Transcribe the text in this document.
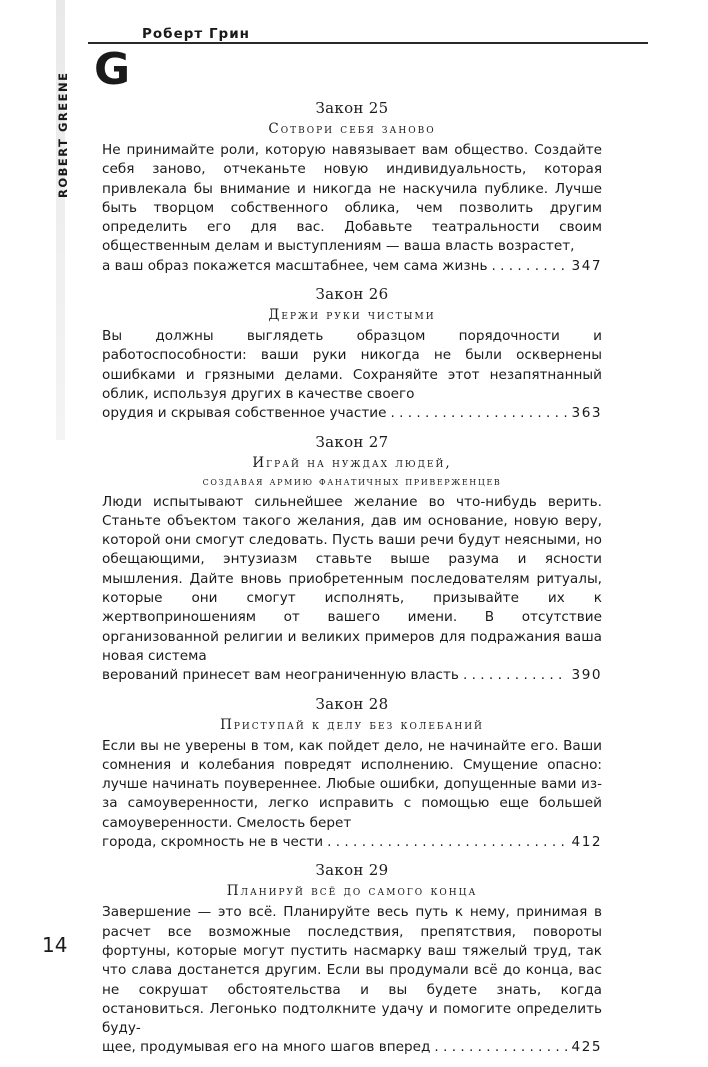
Роберт Грин
G
ROBERT GREENE	Закон 25
Сотвори себя заново
Не принимайте роли, которую навязывает вам общество. Создайте себя заново, отчеканьте новую индивидуальность, которая привлекала бы внимание и никогда не наскучила публике. Лучше быть творцом собственного облика, чем позволить другим определить его для вас. Добавьте театральности своим общественным делам и выступлениям — ваша власть возрастет,
а ваш образ покажется масштабнее, чем сама жизнь . . .	347
Закон 26
Держи руки чистыми
Вы должны выглядеть образцом порядочности и работоспособности: ваши руки никогда не были осквернены ошибками и грязными делами. Сохраняйте этот незапятнанный облик, используя других в качестве своего
орудия и скрывая собственное участие . . .	363
Закон 27
Играй на нуждах людей,
создавая армию фанатичных приверженцев
Люди испытывают сильнейшее желание во что-нибудь верить. Станьте объектом такого желания, дав им основание, новую веру, которой они смогут следовать. Пусть ваши речи будут неясными, но обещающими, энтузиазм ставьте выше разума и ясности мышления. Дайте вновь приобретенным последователям ритуалы, которые они смогут исполнять, призывайте их к жертвоприношениям от вашего имени. В отсутствие организованной религии и великих примеров для подражания ваша новая система
верований принесет вам неограниченную власть . . .	390
Закон 28
Приступай к делу без колебаний
Если вы не уверены в том, как пойдет дело, не начинайте его. Ваши сомнения и колебания повредят исполнению. Смущение опасно: лучше начинать поувереннее. Любые ошибки, допущенные вами из-за самоуверенности, легко исправить с помощью еще большей самоуверенности. Смелость берет
города, скромность не в чести . . .	412
Закон 29
Планируй всё до самого конца
Завершение — это всё. Планируйте весь путь к нему, принимая в расчет все возможные последствия, препятствия, повороты фортуны, которые могут пустить насмарку ваш тяжелый труд, так что слава достанется другим. Если вы продумали всё до конца, вас не сокрушат обстоятельства и вы будете знать, когда остановиться. Легонько подтолкните удачу и помогите определить буду-
щее, продумывая его на много шагов вперед . . .	425
14
